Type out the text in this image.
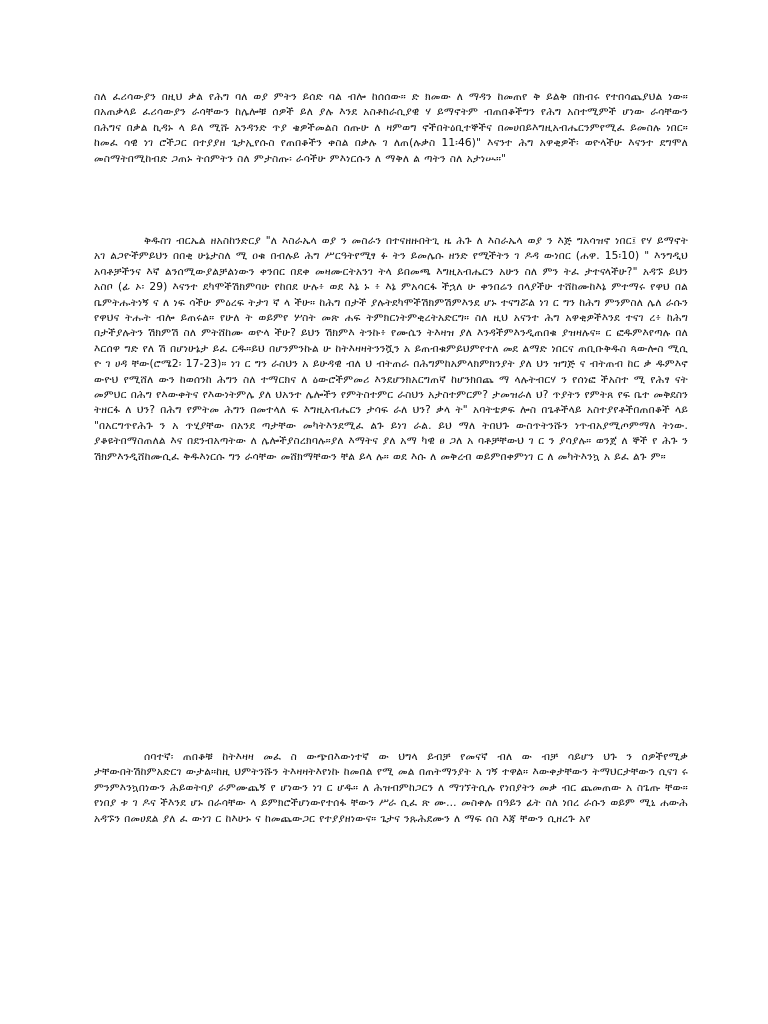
ስለ ፈሪሳውያን በዚህ ቃል የሕግ ባለ ወያ ምትን ይሰድ ባል ብሎ ከሰሰው። ድ ክመው ለ ማዳን ከመጠየ ቅ ይልቅ በክብሩ የተበሳጨያህል ነው። በአጠቃላይ ፈሪሳውያን ራሳቸውን ከሌሎቹ ሰዎች ይለ ያሉ እንደ አስቶክራሲያዊ ሃ ይማኖትም ብጠበቆችግን የሕግ አስተሚምች ሆነው ራሳቸውን በሕግና በቃል ኪዳኑ ላ ይለ ሚሹ አንዳንድ ጥያ ቄዎችመልስ ሰጡሁ ለ ዛምወግ ኖችበትዕቢተኞችና በመሀበይእግዚአብሔርንምየሚፈ ይመስሉ ነበር። ከመፈ ሳዊ ነገ ሮችጋር በተያያዘ ጌታኢየሱስ የጠበቆችን ቀስል በቃሉ ገ ለጠ(ሉቃስ 11፡46)" እናንተ ሕግ አዋቂዎች፡ ወዮላችሁ እናንተ ደግሞለ መስማትበሚከብድ ጋጠኑ ትሰምትን ስለ ምታስጡ፡ ራሳችሁ ምእነርሱን ለ ማቅለ ል ጣትን ስለ አታነሡ።"

ቅዱስገ ብርኤል ዘአስከንድርያ "ለ እስራኤላ ወያ ን መስራን በተናዘዙበትጊ ዜ ሕጉ ለ እስራኤላ ወያ ን እጅ ግአሳዝኖ ነበር፤ የሃ ይማኖት አገ ልጋዮችምይህን በበቂ ሁኔታስለ ሚ ዐቁ በብሉይ ሕግ ሥርዓትየሚፃ ፉ ትን ይመሌሱ ዘንድ የሚችትን ገ ዶዳ ውነበር (ሐዋ. 15፡10) " እንግዲህ አባቶቻችንና እኛ ልንሰሚውያልቻልነውን ቀንበር በደቀ መዛሙርትአንገ ትላ ይበመጫ እግዚአብሔርን አሁን ስለ ምን ትፈ ታተናላችሁ?" አዳኙ ይህን አስቦ (ፊ ኦ፡ 29) እናንተ ደካሞችሽክምባሁ የከበደ ሁሉ፥ ወደ እኔ ኑ ፥ እኔ ምአሳርፋ ችኋለ ሁ ቀንበሬን በላያችሁ ተሸከሙከእኔ ምተማሩ የዋህ በል ቤምትሑትነኝ ና ለ ነፍ ሳችሁ ምዕረፍ ትታገ ኛ ላ ችሁ። ከሕግ በታች ያሉትደካሞችሽክምሽምእንደ ሆኑ ተናግሯል ነገ ር ግን ከሕግ ምንምስለ ሌለ ራሱን የዋህና ትሑት ብሎ ይጠሩል። የሁለ ት ወይምየ ሦስት መጽ ሐፍ ትምክርነትምቂረትአድርግ። ስለ ዚህ አናንተ ሕግ አዋቂዎችእንደ ተናገ ረ፥ ከሕግ በታችያሉትን ሽክምሽ ስለ ምትሸከሙ ወዮላ ችሁ? ይህን ሽክምእ ትንኩ፥ የሙሴን ትእዛዝ ያለ እንዳችምእንዲጠበቁ ያዝዛሉና። ር ፎዱምእየጣሉ በለ እርሰዋ ግድ የለ ሽ በሆነሁኔታ ይፈ ርዱ።ይህ በሆንምንኩል ሁ ከትእዛዛትንንሿን አ ይጠብቁምይህምየተለ መደ ልማድ ነበርና ጠቢቡቅዱስ ጳውሎስ ሚሲ ዮ ገ ሀዳ ቸው(ሮሜ2፡ 17-23)። ነገ ር ግን ራስህን አ ይሁዳዊ ብለ ህ ብትጠራ በሕግምከአምላክምክንያት ያለ ህን ዝግጅ ና ብትጠብ ከር ቃ ዱምእኖ ውዮህ የሚሸለ ውን ከወሰንከ ሕግን ስለ ተማርክና ለ ዕውሮችምመሪ እንደሆንክአርግጠኛ ከሆንክበጨ ማ ላሉትብርሃ ን የሰነፎ ችአስተ ሚ የሕፃ ናት መምህር በሕግ የእውቀትና የእውነትምሌ ያለ ህአንተ ሌሎችን የምትስተምር ራስህን አታስተምርም? ታመዝራለ ህ? ጥያትን የምትጸ የፍ ቤተ መቅደስን ትዘርፋ ለ ህን? በሕግ የምትመ ሕግን በመተላለ ፍ እግዚአብሔርን ታሳፍ ራለ ህን? ቃላ ት" አባትቴዎፍ ሎስ በጌቶችላይ አስተያየቶችበጠበቆች ላይ "በአርግጥየሕጉ ን አ ጥሂያቸው በአንደ ጣታቸው መካትእንደሚፈ ልጉ ይነገ ራል. ይህ ማለ ትበህጉ ውስጥትንሹን ነጥብአያሚጦምማለ ትነው. ያቆዩትበማስጠለል እና በደንብአጣትው ለ ሌሎችያስረክባሉ።ያለ እማትና ያለ አማ ካዊ ፀ ጋለ አ ባቶቻቸውህ ገ ር ን ያሳያሉ። ወንጀ ለ ኞች የ ሕጉ ን ሽክምእንዲሸከሙሲፈ ቅዱእነርሱ ግን ራሳቸው መሸክማቸውን ቸል ይላ ሉ። ወደ እሱ ለ መቅረብ ወይምበቀምነገ ር ለ መካትእንኳ አ ይፈ ልጉ ም።

ሰባተኛ፡ ጠበቆቹ ከትእዛዛ መፈ ስ ውጭበእውነተኛ ው ህግላ ይብቻ የመናኛ ብለ ው ብቻ ሳይሆን ህጉ ን ሰዎችየሚቃ ታቸውበትሽከምአድርገ ውታል።ከዚ ህምትንሹን ትእዛዛትእየነኩ ከመበል የሚ መል በጠትማንያት አ ገኝ ተዋል። እውቀታቸውን ትማህርታቸውን ሲናገ ሩ ምንምእንኳበነውን ሕይወትባያ ራምሙጨኝ የ ሆነውን ነገ ር ሆዱ። ለ ሕዝብምከጋርን ለ ማገኘትሲሉ የነበያትን መቃ ብር ጨመጠው አ ስጌጡ ቸው። የነበያ ቱ ገ ዶና ችእንደ ሆኑ በራሳቸው ላ ይምክሮችሆነውየተሰፋ ቸውን ሥራ ሲፈ ጽ ሙ... መስቀሉ በዓይን ፊት ስለ ነበረ ራሱን ወይም ሚኒ ሐውሕ አዳኙን በመሀደል ያለ ፈ ውነገ ር ከእሁኑ ና ከመጨውጋር የተያያዘነውና። ጌታና ንጹሕደሙን ለ ማፍ ሰስ እጃ ቸውን ሲዘረጉ አየ
